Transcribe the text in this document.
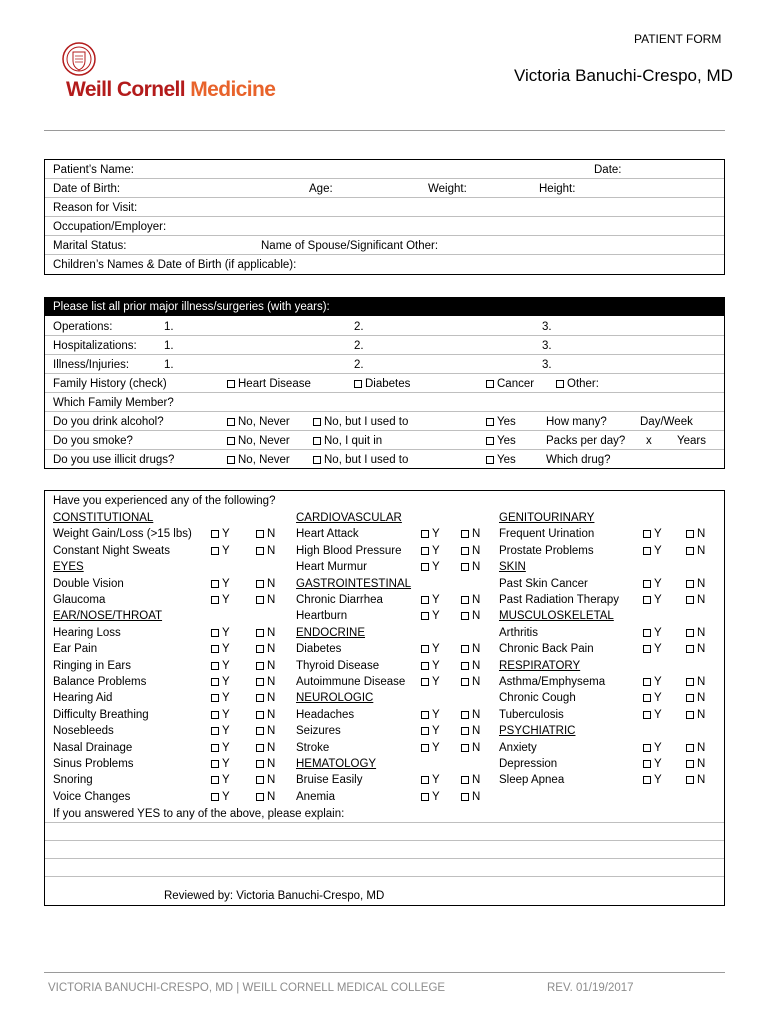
PATIENT FORM
Weill Cornell Medicine
Victoria Banuchi-Crespo, MD
Patient’s Name:	Date:
Date of Birth:	Age:	Weight:	Height:
Reason for Visit:
Occupation/Employer:
Marital Status:	Name of Spouse/Significant Other:
Children’s Names & Date of Birth (if applicable):
Please list all prior major illness/surgeries (with years):
Operations:	1.	2.	3.
Hospitalizations: 1.	2.	3.
Illness/Injuries:	1.	2.	3.
Family History (check)	Heart Disease	Diabetes	Cancer	Other:
Which Family Member?
Do you drink alcohol?	No, Never	No, but I used to	Yes	How many?	Day/Week
Do you smoke?	No, Never	No, I quit in	Yes	Packs per day? x Years
Do you use illicit drugs?	No, Never	No, but I used to	Yes	Which drug?
Have you experienced any of the following?
CONSTITUTIONAL
Weight Gain/Loss (>15 lbs)	Y	N
Constant Night Sweats	Y	N
EYES
Double Vision	Y	N
Glaucoma	Y	N
EAR/NOSE/THROAT
Hearing Loss	Y	N
Ear Pain	Y	N
Ringing in Ears	Y	N
Balance Problems	Y	N
Hearing Aid	Y	N
Difficulty Breathing	Y	N
Nosebleeds	Y	N
Nasal Drainage	Y	N
Sinus Problems	Y	N
Snoring	Y	N
Voice Changes	Y	N
CARDIOVASCULAR
Heart Attack	Y	N
High Blood Pressure	Y	N
Heart Murmur	Y	N
GASTROINTESTINAL
Chronic Diarrhea	Y	N
Heartburn	Y	N
ENDOCRINE
Diabetes	Y	N
Thyroid Disease	Y	N
Autoimmune Disease	Y	N
NEUROLOGIC
Headaches	Y	N
Seizures	Y	N
Stroke	Y	N
HEMATOLOGY
Bruise Easily	Y	N
Anemia	Y	N
GENITOURINARY
Frequent Urination	Y	N
Prostate Problems	Y	N
SKIN
Past Skin Cancer	Y	N
Past Radiation Therapy	Y	N
MUSCULOSKELETAL
Arthritis	Y	N
Chronic Back Pain	Y	N
RESPIRATORY
Asthma/Emphysema	Y	N
Chronic Cough	Y	N
Tuberculosis	Y	N
PSYCHIATRIC
Anxiety	Y	N
Depression	Y	N
Sleep Apnea	Y	N
If you answered YES to any of the above, please explain:
Reviewed by: Victoria Banuchi-Crespo, MD
VICTORIA BANUCHI-CRESPO, MD | WEILL CORNELL MEDICAL COLLEGE	REV. 01/19/2017
